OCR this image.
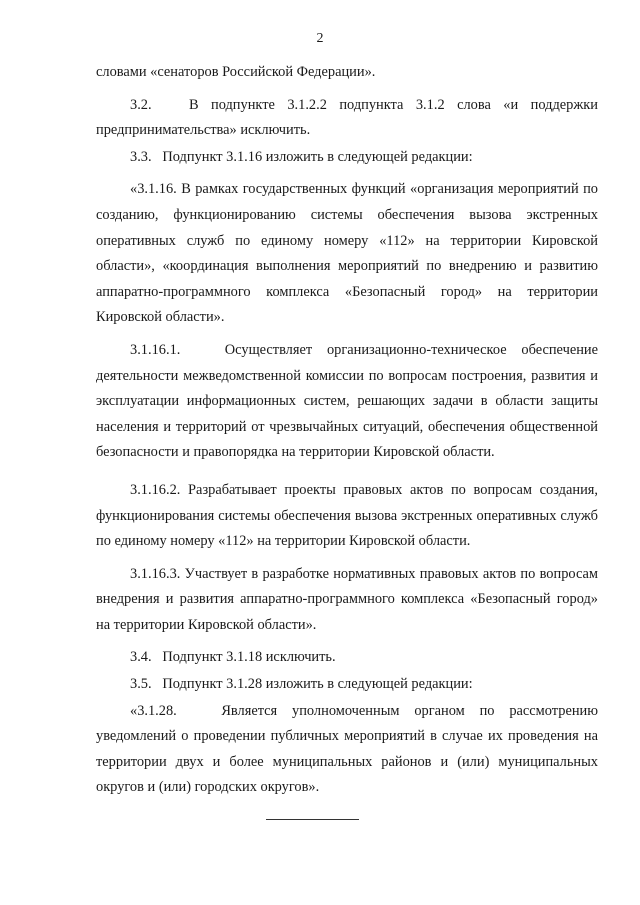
2

словами «сенаторов Российской Федерации».

3.2.   В подпункте 3.1.2.2 подпункта 3.1.2 слова «и поддержки предпринимательства» исключить.

3.3.   Подпункт 3.1.16 изложить в следующей редакции:

«3.1.16. В рамках государственных функций «организация мероприятий по созданию, функционированию системы обеспечения вызова экстренных оперативных служб по единому номеру «112» на территории Кировской области», «координация выполнения мероприятий по внедрению и развитию аппаратно-программного комплекса «Безопасный город» на территории Кировской области».

3.1.16.1.   Осуществляет организационно-техническое обеспечение деятельности межведомственной комиссии по вопросам построения, развития и эксплуатации информационных систем, решающих задачи в области защиты населения и территорий от чрезвычайных ситуаций, обеспечения общественной безопасности и правопорядка на территории Кировской области.

3.1.16.2. Разрабатывает проекты правовых актов по вопросам создания, функционирования системы обеспечения вызова экстренных оперативных служб по единому номеру «112» на территории Кировской области.

3.1.16.3. Участвует в разработке нормативных правовых актов по вопросам внедрения и развития аппаратно-программного комплекса «Безопасный город» на территории Кировской области».

3.4.   Подпункт 3.1.18 исключить.

3.5.   Подпункт 3.1.28 изложить в следующей редакции:

«3.1.28.   Является уполномоченным органом по рассмотрению уведомлений о проведении публичных мероприятий в случае их проведения на территории двух и более муниципальных районов и (или) муниципальных округов и (или) городских округов».
